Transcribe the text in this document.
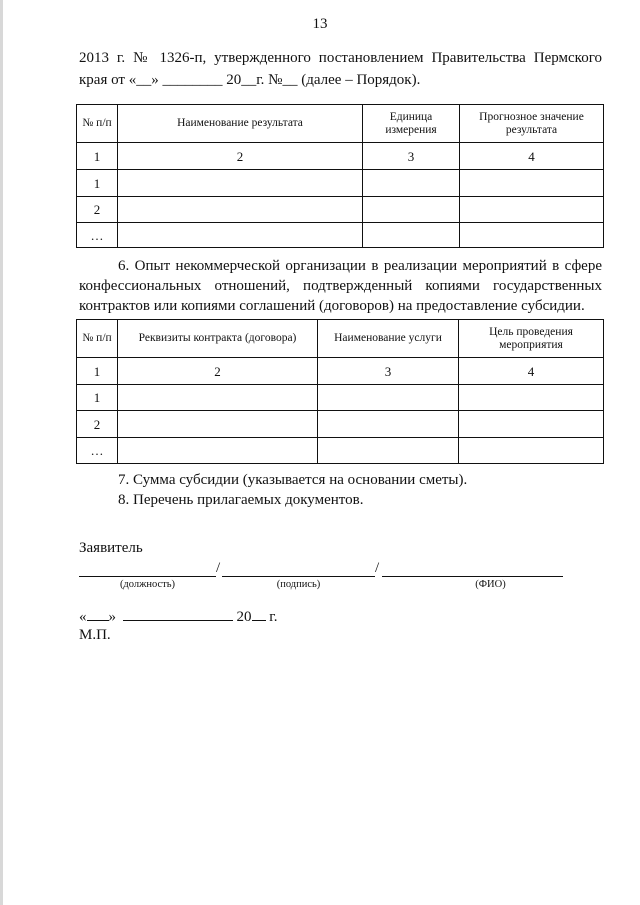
13
2013 г. № 1326-п, утвержденного постановлением Правительства Пермского
края от «__» ________ 20__г. №__ (далее – Порядок).
№ п/п	Наименование результата	Единица измерения	Прогнозное значение результата
1	2	3	4
1			
2			
…			
6. Опыт некоммерческой организации в реализации мероприятий в сфере
конфессиональных отношений, подтвержденный копиями государственных
контрактов или копиями соглашений (договоров) на предоставление субсидии.
№ п/п	Реквизиты контракта (договора)	Наименование услуги	Цель проведения мероприятия
1	2	3	4
1			
2			
…			
7. Сумма субсидии (указывается на основании сметы).
8. Перечень прилагаемых документов.
Заявитель
/	/
(должность)	(подпись)	(ФИО)
« »	20 г.
М.П.
